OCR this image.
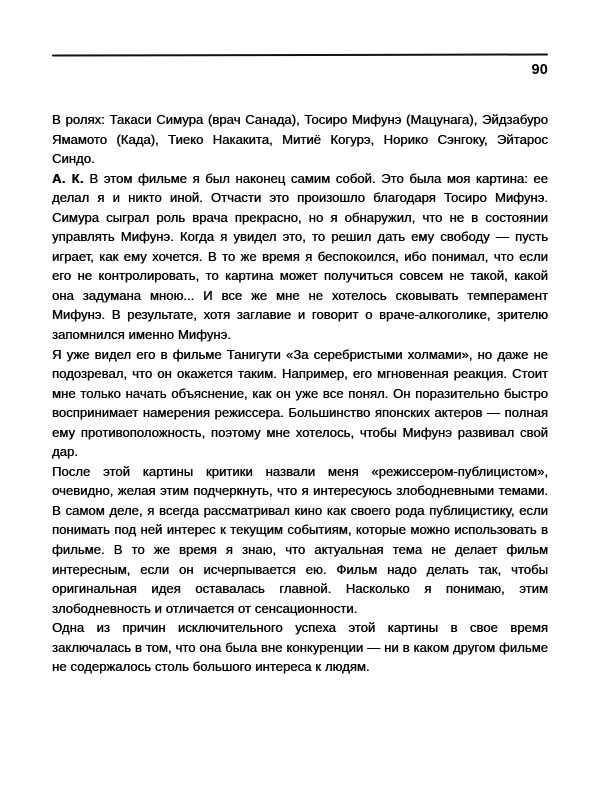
90

В ролях: Такаси Симура (врач Санада), Тосиро Мифунэ (Мацунага), Эйдзабуро Ямамото (Када), Тиеко Накакита, Митиё Когурэ, Норико Сэнгоку, Эйтарос Синдо.

А. К. В этом фильме я был наконец самим собой. Это была моя картина: ее делал я и никто иной. Отчасти это произошло благодаря Тосиро Мифунэ. Симура сыграл роль врача прекрасно, но я обнаружил, что не в состоянии управлять Мифунэ. Когда я увидел это, то решил дать ему свободу — пусть играет, как ему хочется. В то же время я беспокоился, ибо понимал, что если его не контролировать, то картина может получиться совсем не такой, какой она задумана мною... И все же мне не хотелось сковывать темперамент Мифунэ. В результате, хотя заглавие и говорит о враче-алкоголике, зрителю запомнился именно Мифунэ.

Я уже видел его в фильме Танигути «За серебристыми холмами», но даже не подозревал, что он окажется таким. Например, его мгновенная реакция. Стоит мне только начать объяснение, как он уже все понял. Он поразительно быстро воспринимает намерения режиссера. Большинство японских актеров — полная ему противоположность, поэтому мне хотелось, чтобы Мифунэ развивал свой дар.

После этой картины критики назвали меня «режиссером-публицистом», очевидно, желая этим подчеркнуть, что я интересуюсь злободневными темами. В самом деле, я всегда рассматривал кино как своего рода публицистику, если понимать под ней интерес к текущим событиям, которые можно использовать в фильме. В то же время я знаю, что актуальная тема не делает фильм интересным, если он исчерпывается ею. Фильм надо делать так, чтобы оригинальная идея оставалась главной. Насколько я понимаю, этим злободневность и отличается от сенсационности.

Одна из причин исключительного успеха этой картины в свое время заключалась в том, что она была вне конкуренции — ни в каком другом фильме не содержалось столь большого интереса к людям.
